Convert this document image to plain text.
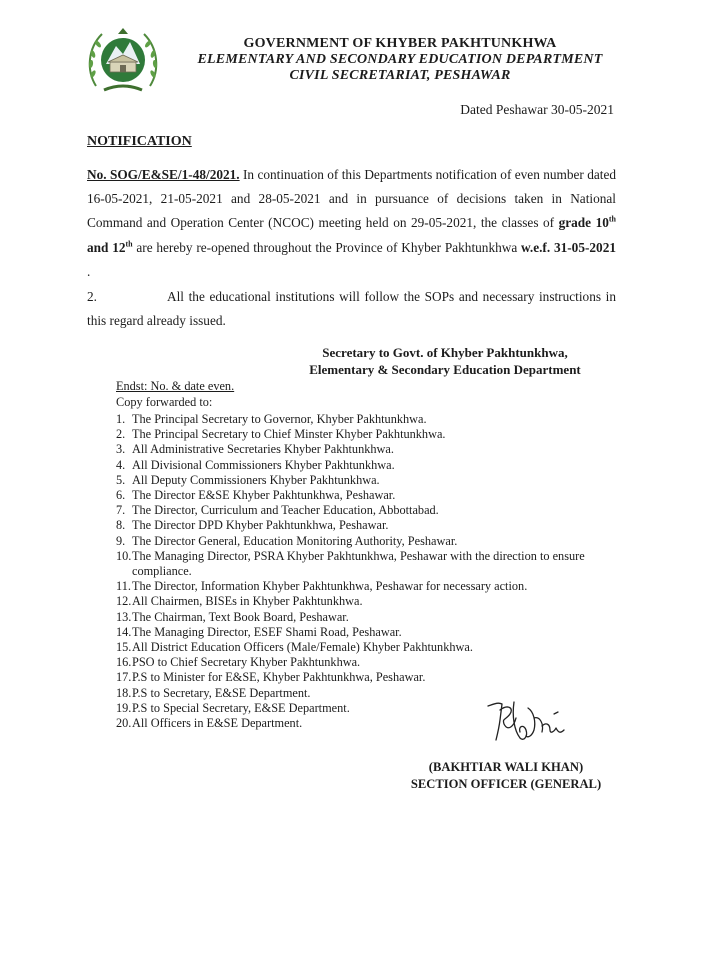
GOVERNMENT OF KHYBER PAKHTUNKHWA
ELEMENTARY AND SECONDARY EDUCATION DEPARTMENT
CIVIL SECRETARIAT, PESHAWAR
Dated Peshawar 30-05-2021
NOTIFICATION
No. SOG/E&SE/1-48/2021. In continuation of this Departments notification of even number dated 16-05-2021, 21-05-2021 and 28-05-2021 and in pursuance of decisions taken in National Command and Operation Center (NCOC) meeting held on 29-05-2021, the classes of grade 10th and 12th are hereby re-opened throughout the Province of Khyber Pakhtunkhwa w.e.f. 31-05-2021 .
2.	All the educational institutions will follow the SOPs and necessary instructions in this regard already issued.
Secretary to Govt. of Khyber Pakhtunkhwa,
Elementary & Secondary Education Department
Endst: No. & date even.
Copy forwarded to:
1. The Principal Secretary to Governor, Khyber Pakhtunkhwa.
2. The Principal Secretary to Chief Minster Khyber Pakhtunkhwa.
3. All Administrative Secretaries Khyber Pakhtunkhwa.
4. All Divisional Commissioners Khyber Pakhtunkhwa.
5. All Deputy Commissioners Khyber Pakhtunkhwa.
6. The Director E&SE Khyber Pakhtunkhwa, Peshawar.
7. The Director, Curriculum and Teacher Education, Abbottabad.
8. The Director DPD Khyber Pakhtunkhwa, Peshawar.
9. The Director General, Education Monitoring Authority, Peshawar.
10. The Managing Director, PSRA Khyber Pakhtunkhwa, Peshawar with the direction to ensure compliance.
11. The Director, Information Khyber Pakhtunkhwa, Peshawar for necessary action.
12. All Chairmen, BISEs in Khyber Pakhtunkhwa.
13. The Chairman, Text Book Board, Peshawar.
14. The Managing Director, ESEF Shami Road, Peshawar.
15. All District Education Officers (Male/Female) Khyber Pakhtunkhwa.
16. PSO to Chief Secretary Khyber Pakhtunkhwa.
17. P.S to Minister for E&SE, Khyber Pakhtunkhwa, Peshawar.
18. P.S to Secretary, E&SE Department.
19. P.S to Special Secretary, E&SE Department.
20. All Officers in E&SE Department.
(BAKHTIAR WALI KHAN)
SECTION OFFICER (GENERAL)
